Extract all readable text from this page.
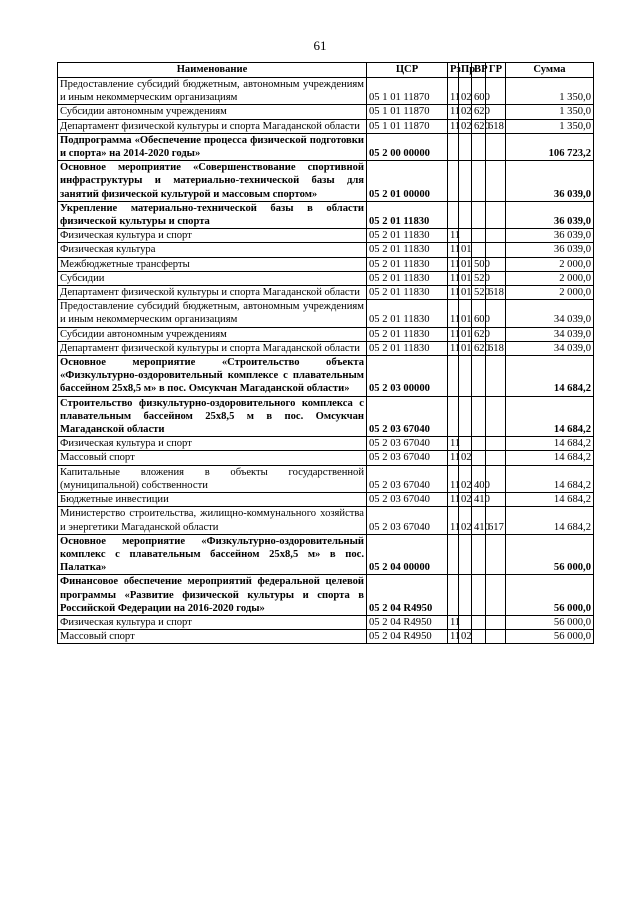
61
Наименование	ЦСР	Рз	Пр	ВР	ГР	Сумма
Предоставление субсидий бюджетным, автономным учреждениям и иным некоммерческим организациям	05 1 01 11870	11	02	600		1 350,0
Субсидии автономным учреждениям	05 1 01 11870	11	02	620		1 350,0
Департамент физической культуры и спорта Магаданской области	05 1 01 11870	11	02	620	618	1 350,0
Подпрограмма «Обеспечение процесса физической подготовки и спорта» на 2014-2020 годы»	05 2 00 00000					106 723,2
Основное мероприятие «Совершенствование спортивной инфраструктуры и материально-технической базы для занятий физической культурой и массовым спортом»	05 2 01 00000					36 039,0
Укрепление материально-технической базы в области физической культуры и спорта	05 2 01 11830					36 039,0
Физическая культура и спорт	05 2 01 11830	11				36 039,0
Физическая культура	05 2 01 11830	11	01			36 039,0
Межбюджетные трансферты	05 2 01 11830	11	01	500		2 000,0
Субсидии	05 2 01 11830	11	01	520		2 000,0
Департамент физической культуры и спорта Магаданской области	05 2 01 11830	11	01	520	618	2 000,0
Предоставление субсидий бюджетным, автономным учреждениям и иным некоммерческим организациям	05 2 01 11830	11	01	600		34 039,0
Субсидии автономным учреждениям	05 2 01 11830	11	01	620		34 039,0
Департамент физической культуры и спорта Магаданской области	05 2 01 11830	11	01	620	618	34 039,0
Основное мероприятие «Строительство объекта «Физкультурно-оздоровительный комплексе с плавательным бассейном 25х8,5 м» в пос. Омсукчан Магаданской области»	05 2 03 00000					14 684,2
Строительство физкультурно-оздоровительного комплекса с плавательным бассейном 25х8,5 м в пос. Омсукчан Магаданской области	05 2 03 67040					14 684,2
Физическая культура и спорт	05 2 03 67040	11				14 684,2
Массовый спорт	05 2 03 67040	11	02			14 684,2
Капитальные вложения в объекты государственной (муниципальной) собственности	05 2 03 67040	11	02	400		14 684,2
Бюджетные инвестиции	05 2 03 67040	11	02	410		14 684,2
Министерство строительства, жилищно-коммунального хозяйства и энергетики Магаданской области	05 2 03 67040	11	02	410	617	14 684,2
Основное мероприятие «Физкультурно-оздоровительный комплекс с плавательным бассейном 25х8,5 м» в пос. Палатка»	05 2 04 00000					56 000,0
Финансовое обеспечение мероприятий федеральной целевой программы «Развитие физической культуры и спорта в Российской Федерации на 2016-2020 годы»	05 2 04 R4950					56 000,0
Физическая культура и спорт	05 2 04 R4950	11				56 000,0
Массовый спорт	05 2 04 R4950	11	02			56 000,0
